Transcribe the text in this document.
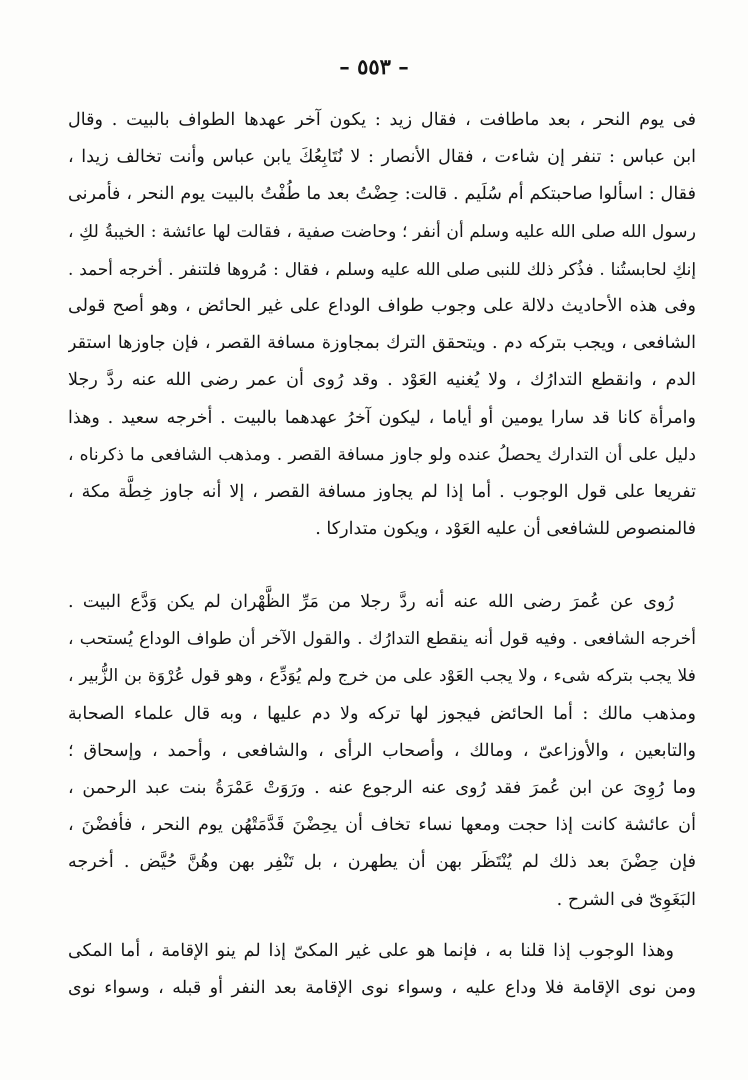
– ٥٥٣ –
فى يوم النحر ، بعد ماطافت ، فقال زيد : يكون آخر عهدها الطواف بالبيت . وقال
ابن عباس : تنفر إن شاءت ، فقال الأنصار : لا نُتَابِعُكَ يابن عباس وأنت تخالف زيدا ،
فقال : اسألوا صاحبتكم أم سُلَيم . قالت: حِضْتُ بعد ما طُفْتُ بالبيت يوم النحر ، فأمرنى
رسول الله صلى الله عليه وسلم أن أنفر ؛ وحاضت صفية ، فقالت لها عائشة : الخيبةُ لكِ ،
إنكِ لحابستُنا . فذُكر ذلك للنبى صلى الله عليه وسلم ، فقال : مُروها فلتنفر . أخرجه أحمد .
وفى هذه الأحاديث دلالة على وجوب طواف الوداع على غير الحائض ، وهو أصح قولى
الشافعى ، ويجب بتركه دم . ويتحقق الترك بمجاوزة مسافة القصر ، فإن جاوزها استقر
الدم ، وانقطع التدارُك ، ولا يُغنيه العَوْد . وقد رُوى أن عمر رضى الله عنه ردَّ رجلا
وامرأة كانا قد سارا يومين أو أياما ، ليكون آخرُ عهدهما بالبيت . أخرجه سعيد . وهذا
دليل على أن التدارك يحصلُ عنده ولو جاوز مسافة القصر . ومذهب الشافعى ما ذكرناه ،
تفريعا على قول الوجوب . أما إذا لم يجاوز مسافة القصر ، إلا أنه جاوز خِطَّة مكة ،
فالمنصوص للشافعى أن عليه العَوْد ، ويكون متداركا .
رُوى عن عُمرَ رضى الله عنه أنه ردَّ رجلا من مَرِّ الظَّهْران لم يكن وَدَّع البيت .
أخرجه الشافعى . وفيه قول أنه ينقطع التدارُك . والقول الآخر أن طواف الوداع يُستحب ،
فلا يجب بتركه شىء ، ولا يجب العَوْد على من خرج ولم يُوَدِّع ، وهو قول عُرْوَة بن الزُّبير ،
ومذهب مالك : أما الحائض فيجوز لها تركه ولا دم عليها ، وبه قال علماء الصحابة
والتابعين ، والأوزاعىّ ، ومالك ، وأصحاب الرأى ، والشافعى ، وأحمد ، وإسحاق ؛
وما رُوِىَ عن ابن عُمرَ فقد رُوى عنه الرجوع عنه . ورَوَتْ عَمْرَةُ بنت عبد الرحمن ،
أن عائشة كانت إذا حجت ومعها نساء تخاف أن يحِضْنَ قَدَّمَتْهُن يوم النحر ، فأفضْنَ ،
فإن حِضْنَ بعد ذلك لم يُنْتَظَر بهن أن يطهرن ، بل تَنْفِر بهن وهُنَّ حُيَّض . أخرجه
البَغَوِىّ فى الشرح .
وهذا الوجوب إذا قلنا به ، فإنما هو على غير المكىّ إذا لم ينو الإقامة ، أما المكى
ومن نوى الإقامة فلا وداع عليه ، وسواء نوى الإقامة بعد النفر أو قبله ، وسواء نوى
